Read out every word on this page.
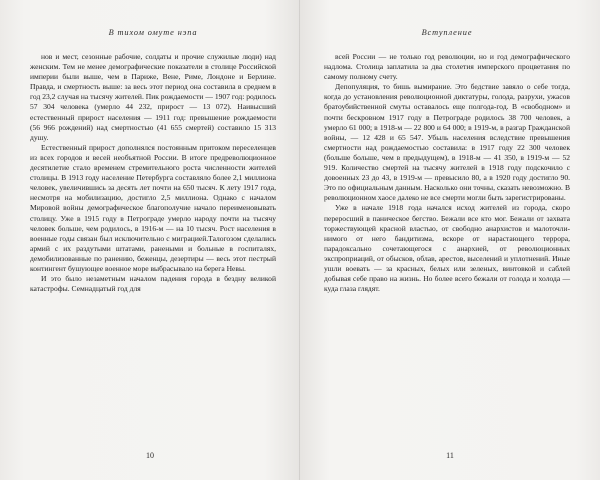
В тихом омуте нэпа

нов и мест, сезонные рабочие, солдаты и прочие служилые люди) над женским. Тем не менее демографические показатели в столице Российской империи были выше, чем в Париже, Вене, Риме, Лондоне и Берлине. Правда, и смертность выше: за весь этот период она составила в среднем в год 23,2 случая на тысячу жителей. Пик рождаемости — 1907 год: родилось 57 304 человека (умерло 44 232, прирост — 13 072). Наивысший естественный прирост населения — 1911 год: превышение рождаемости (56 966 рождений) над смертностью (41 655 смертей) составило 15 313 душу.

Естественный прирост дополнялся постоянным притоком переселенцев из всех городов и весей необъятной России. В итоге предреволюционное десятилетие стало временем стремительного роста численности жителей столицы. В 1913 году население Петербурга составляло более 2,1 миллиона человек, увеличившись за десять лет почти на 650 тысяч. К лету 1917 года, несмотря на мобилизацию, достигло 2,5 миллиона. Однако с началом Мировой войны демографическое благополучие начало переименовывать столицу. Уже в 1915 году в Петрограде умерло народу почти на тысячу человек больше, чем родилось, в 1916-м — на 10 тысяч. Рост населения в военные годы связан был исключительно с миграцией.Талогозом сделались армий с их раздутыми штатами, ранеными и больные в госпиталях, демобилизованные по ранению, беженцы, дезертиры — весь этот пестрый контингент бушующее военное море выбрасывало на берега Невы.

И это было незаметным началом падения города в бездну великой катастрофы. Семнадцатый год для

10
Вступление

всей России — не только год революции, но и год демографического надлома. Столица заплатила за два столетия имперского процветания по самому полному счету.

Депопуляция, то бишь вымирание. Это бедствие завяло о себе тогда, когда до установления революционной диктатуры, голода, разрухи, ужасов братоубийственной смуты оставалось еще полгода-год. В «свободном» и почти бескровном 1917 году в Петрограде родилось 38 700 человек, а умерло 61 000; в 1918-м — 22 800 и 64 000; в 1919-м, в разгар Гражданской войны, — 12 428 и 65 547. Убыль населения вследствие превышения смертности над рождаемостью составила: в 1917 году 22 300 человек (больше больше, чем в предыдущем), в 1918-м — 41 350, в 1919-м — 52 919. Количество смертей на тысячу жителей в 1918 году подскочило с довоенных 23 до 43, в 1919-м — превысило 80, а в 1920 году достигло 90. Это по официальным данным. Насколько они точны, сказать невозможно. В революционном хаосе далеко не все смерти могли быть зарегистрированы.

Уже в начале 1918 года начался исход жителей из города, скоро переросший в паническое бегство. Бежали все кто мог. Бежали от захвата торжествующей красной властью, от свободно анархистов и малоточлинимого от него бандитизма, вскоре от нарастающего террора, парадоксально сочетающегося с анархией, от революционных экспроприаций, от обысков, облав, арестов, выселений и уплотнений. Иные ушли воевать — за красных, белых или зеленых, винтовкой и саблей добывая себе право на жизнь. Но более всего бежали от голода и холода — куда глаза глядят.

11
